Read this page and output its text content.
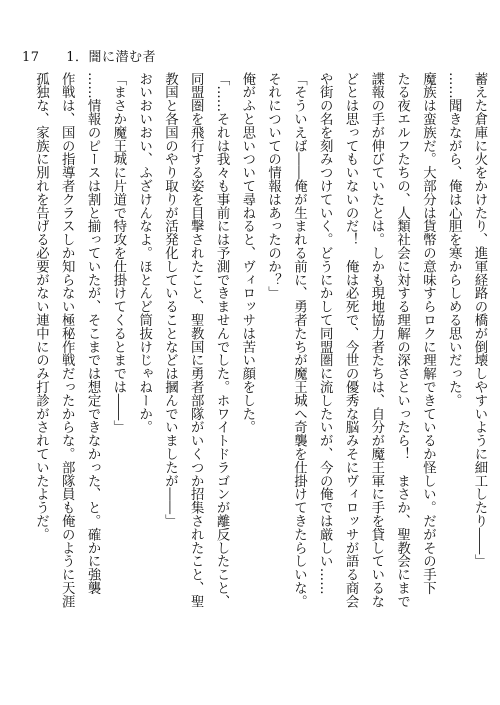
17 1．闇に潜む者
蓄えた倉庫に火をかけたり、進軍経路の橋が倒壊しやすいように細工したり――」
……聞きながら、俺は心胆を寒からしめる思いだった。
魔族は蛮族だ。大部分は貨幣の意味すらロクに理解できているか怪しい。だがその手下
たる夜エルフたちの、人類社会に対する理解の深さといったら！　まさか、聖教会にまで
諜報の手が伸びていたとは。しかも現地協力者たちは、自分が魔王軍に手を貸しているな
どとは思ってもいないのだ！　俺は必死で、今世の優秀な脳みそにヴィロッサが語る商会
や街の名を刻みつけていく。どうにかして同盟圏に流したいが、今の俺では厳しい……
「そういえば――俺が生まれる前に、勇者たちが魔王城へ奇襲を仕掛けてきたらしいな。
それについての情報はあったのか？」
俺がふと思いついて尋ねると、ヴィロッサは苦い顔をした。
「……それは我々も事前には予測できませんでした。ホワイトドラゴンが離反したこと、
同盟圏を飛行する姿を目撃されたこと、聖教国に勇者部隊がいくつか招集されたこと、聖
教国と各国のやり取りが活発化していることなどは摑んでいましたが――」
おいおいおい、ふざけんなよ。ほとんど筒抜けじゃねーか。
「まさか魔王城に片道で特攻を仕掛けてくるとまでは――」
……情報のピースは割と揃っていたが、そこまでは想定できなかった、と。確かに強襲
作戦は、国の指導者クラスしか知らない極秘作戦だったからな。部隊員も俺のように天涯
孤独な、家族に別れを告げる必要がない連中にのみ打診がされていたようだ。
